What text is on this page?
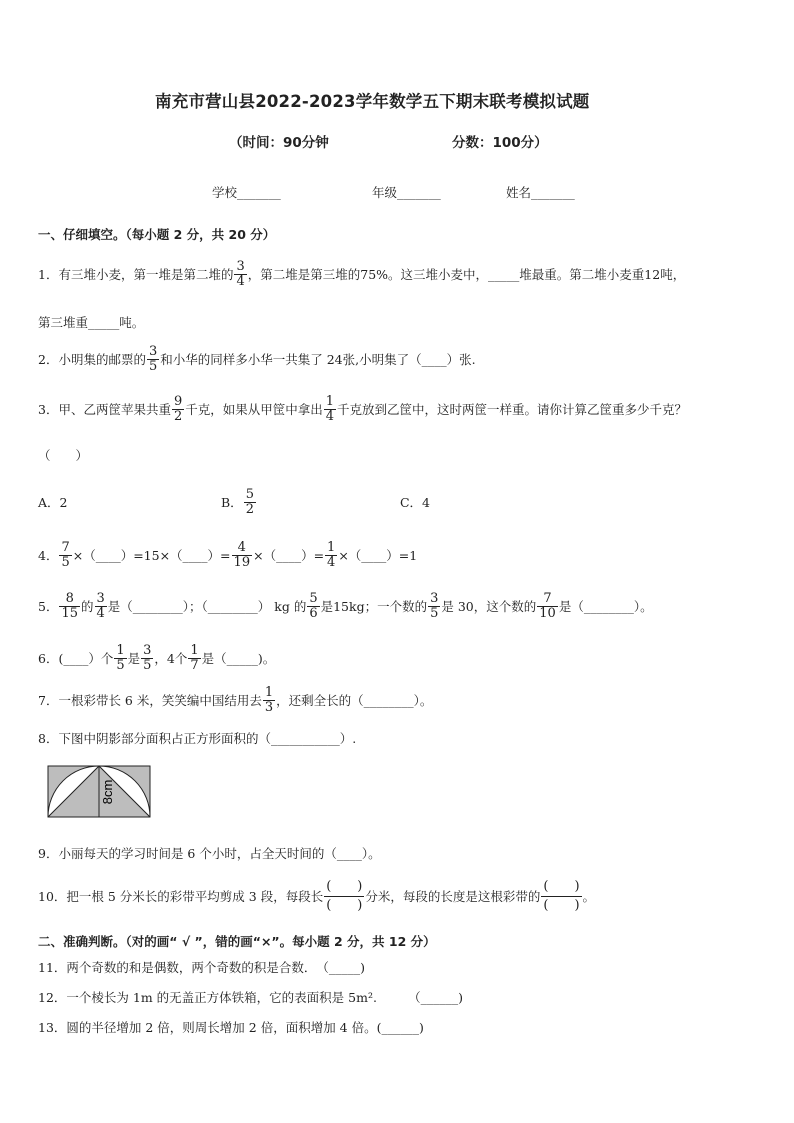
南充市营山县2022-2023学年数学五下期末联考模拟试题
（时间：90分钟	分数：100分）
学校_______	年级_______	姓名_______
一、仔细填空。（每小题 2 分，共 20 分）
1．有三堆小麦，第一堆是第二堆的 $\frac{3}{4}$ ，第二堆是第三堆的75%。这三堆小麦中，_____堆最重。第二堆小麦重12吨，
第三堆重_____吨。
2．小明集的邮票的 $\frac{3}{5}$ 和小华的同样多小华一共集了 24张,小明集了（____）张.
3．甲、乙两筐苹果共重 $\frac{9}{2}$ 千克，如果从甲筐中拿出 $\frac{1}{4}$ 千克放到乙筐中，这时两筐一样重。请你计算乙筐重多少千克？
（　　）
A．2	B． $\frac{5}{2}$	C．4
4． $\frac{7}{5}$ ×（____）=15×（____）= $\frac{4}{19}$ ×（____）= $\frac{1}{4}$ ×（____）=1
5． $\frac{8}{15}$ 的 $\frac{3}{4}$ 是（________）；（________） kg 的 $\frac{5}{6}$ 是15kg；一个数的 $\frac{3}{5}$ 是 30，这个数的 $\frac{7}{10}$ 是（________）。
6．(____）个 $\frac{1}{5}$ 是 $\frac{3}{5}$ ，4个 $\frac{1}{7}$ 是（_____)。
7．一根彩带长 6 米，笑笑编中国结用去 $\frac{1}{3}$ ，还剩全长的（________）。
8．下图中阴影部分面积占正方形面积的（___________）.
8cm
9．小丽每天的学习时间是 6 个小时，占全天时间的（____）。
10．把一根 5 分米长的彩带平均剪成 3 段，每段长 $\frac{( )}{( )}$ 分米，每段的长度是这根彩带的 $\frac{( )}{( )}$ 。
二、准确判断。（对的画“ √ ”，错的画“×”。每小题 2 分，共 12 分）
11．两个奇数的和是偶数，两个奇数的积是合数．　（_____)
12．一个棱长为 1m 的无盖正方体铁箱，它的表面积是 5m².　　　（______)
13．圆的半径增加 2 倍，则周长增加 2 倍，面积增加 4 倍。(______)
